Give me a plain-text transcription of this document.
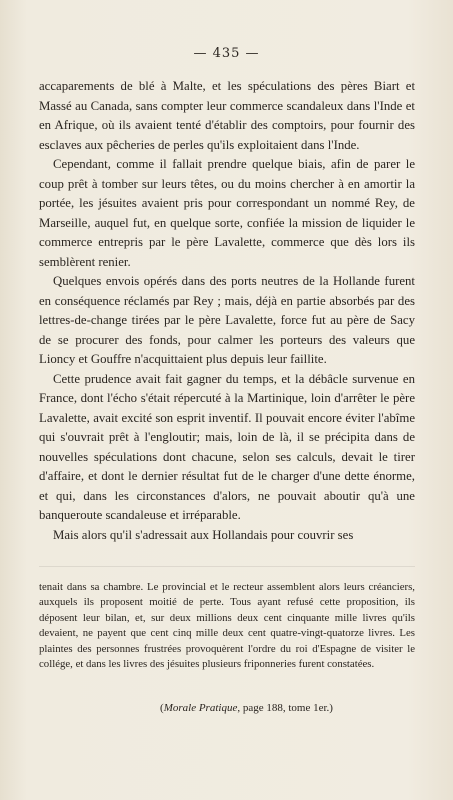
— 435 —

accaparements de blé à Malte, et les spéculations des pères Biart et Massé au Canada, sans compter leur commerce scandaleux dans l'Inde et en Afrique, où ils avaient tenté d'établir des comptoirs, pour fournir des esclaves aux pêcheries de perles qu'ils exploitaient dans l'Inde.

Cependant, comme il fallait prendre quelque biais, afin de parer le coup prêt à tomber sur leurs têtes, ou du moins chercher à en amortir la portée, les jésuites avaient pris pour correspondant un nommé Rey, de Marseille, auquel fut, en quelque sorte, confiée la mission de liquider le commerce entrepris par le père Lavalette, commerce que dès lors ils semblèrent renier.

Quelques envois opérés dans des ports neutres de la Hollande furent en conséquence réclamés par Rey ; mais, déjà en partie absorbés par des lettres-de-change tirées par le père Lavalette, force fut au père de Sacy de se procurer des fonds, pour calmer les porteurs des valeurs que Lioncy et Gouffre n'acquittaient plus depuis leur faillite.

Cette prudence avait fait gagner du temps, et la débâcle survenue en France, dont l'écho s'était répercuté à la Martinique, loin d'arrêter le père Lavalette, avait excité son esprit inventif. Il pouvait encore éviter l'abîme qui s'ouvrait prêt à l'engloutir; mais, loin de là, il se précipita dans de nouvelles spéculations dont chacune, selon ses calculs, devait le tirer d'affaire, et dont le dernier résultat fut de le charger d'une dette énorme, et qui, dans les circonstances d'alors, ne pouvait aboutir qu'à une banqueroute scandaleuse et irréparable.

Mais alors qu'il s'adressait aux Hollandais pour couvrir ses

tenait dans sa chambre. Le provincial et le recteur assemblent alors leurs créanciers, auxquels ils proposent moitié de perte. Tous ayant refusé cette proposition, ils déposent leur bilan, et, sur deux millions deux cent cinquante mille livres qu'ils devaient, ne payent que cent cinq mille deux cent quatre-vingt-quatorze livres. Les plaintes des personnes frustrées provoquèrent l'ordre du roi d'Espagne de visiter le collége, et dans les livres des jésuites plusieurs friponneries furent constatées.

(Morale Pratique, page 188, tome 1er.)
